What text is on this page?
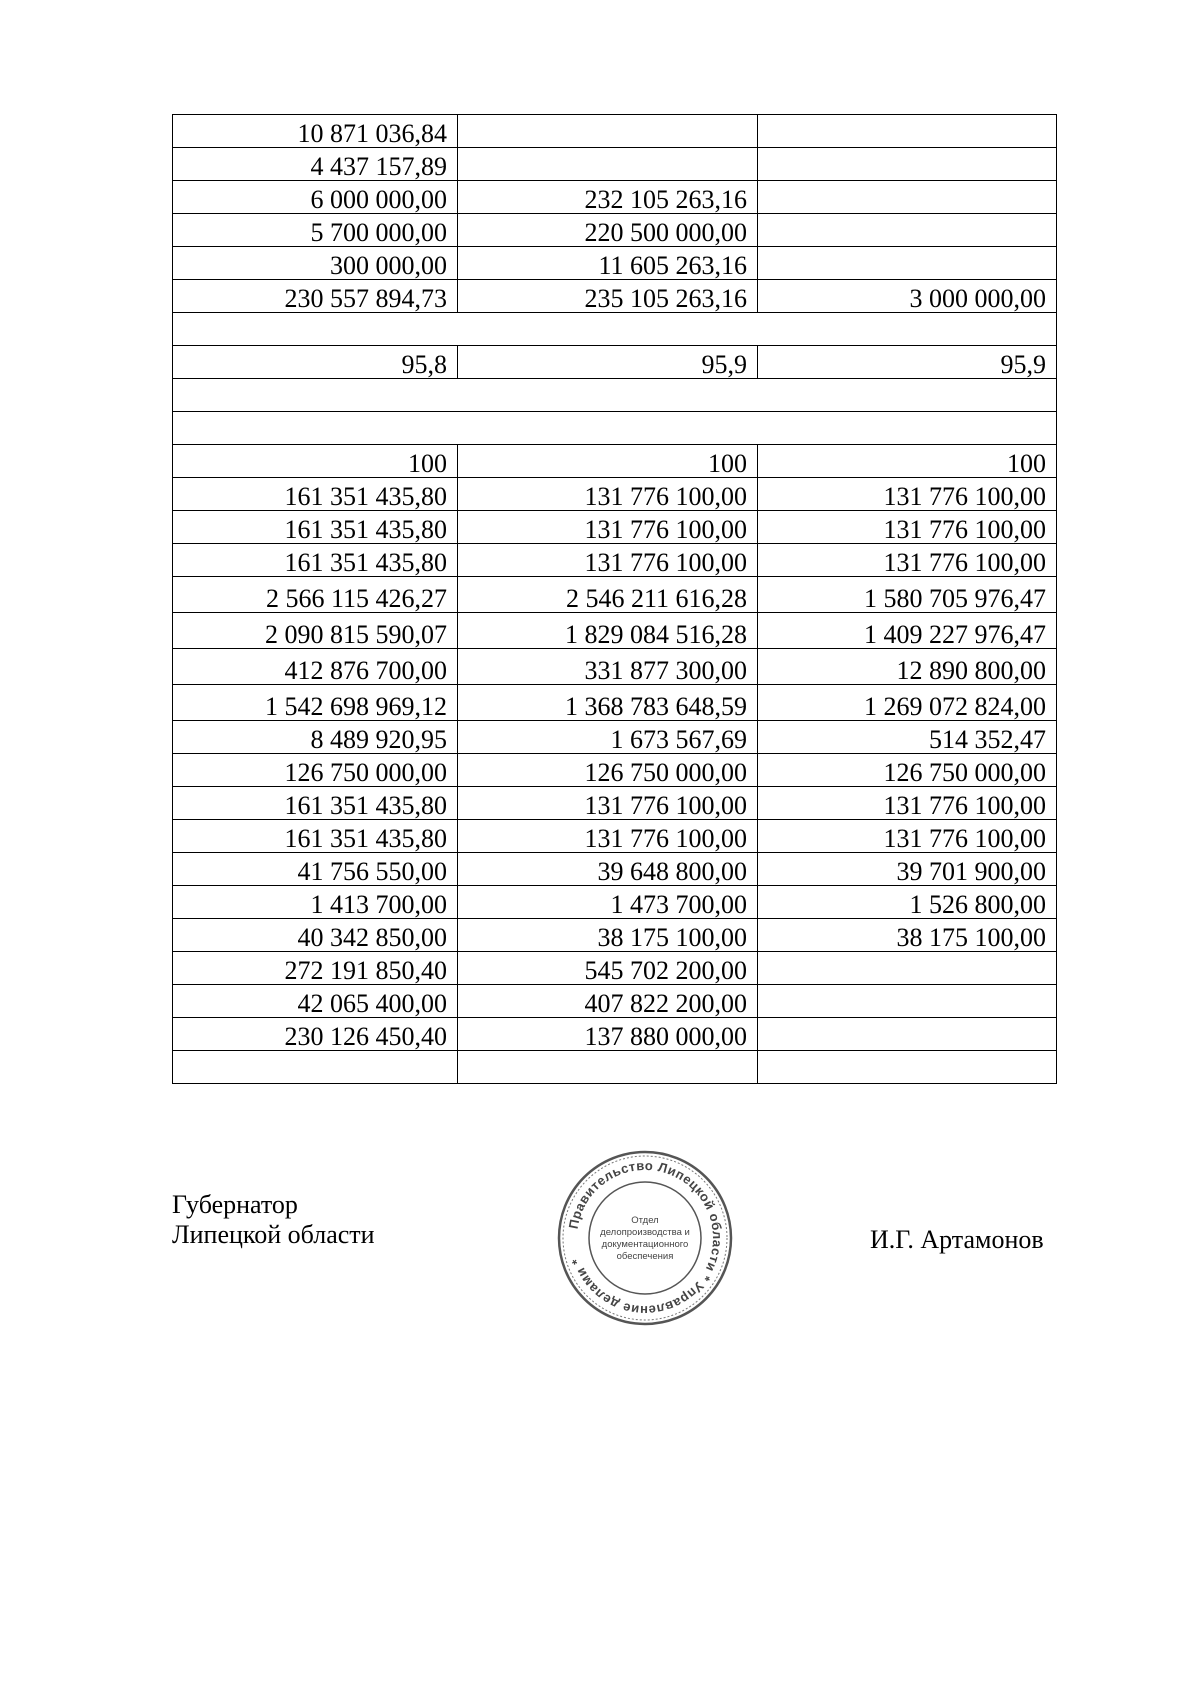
10 871 036,84		
4 437 157,89		
6 000 000,00	232 105 263,16	
5 700 000,00	220 500 000,00	
300 000,00	11 605 263,16	
230 557 894,73	235 105 263,16	3 000 000,00

95,8	95,9	95,9

100	100	100
161 351 435,80	131 776 100,00	131 776 100,00
161 351 435,80	131 776 100,00	131 776 100,00
161 351 435,80	131 776 100,00	131 776 100,00
2 566 115 426,27	2 546 211 616,28	1 580 705 976,47
2 090 815 590,07	1 829 084 516,28	1 409 227 976,47
412 876 700,00	331 877 300,00	12 890 800,00
1 542 698 969,12	1 368 783 648,59	1 269 072 824,00
8 489 920,95	1 673 567,69	514 352,47
126 750 000,00	126 750 000,00	126 750 000,00
161 351 435,80	131 776 100,00	131 776 100,00
161 351 435,80	131 776 100,00	131 776 100,00
41 756 550,00	39 648 800,00	39 701 900,00
1 413 700,00	1 473 700,00	1 526 800,00
40 342 850,00	38 175 100,00	38 175 100,00
272 191 850,40	545 702 200,00	
42 065 400,00	407 822 200,00	
230 126 450,40	137 880 000,00	

Губернатор
Липецкой области	Правительство Липецкой области * Управление делами *
Отдел
делопроизводства и
документационного
обеспечения
И.Г. Артамонов
